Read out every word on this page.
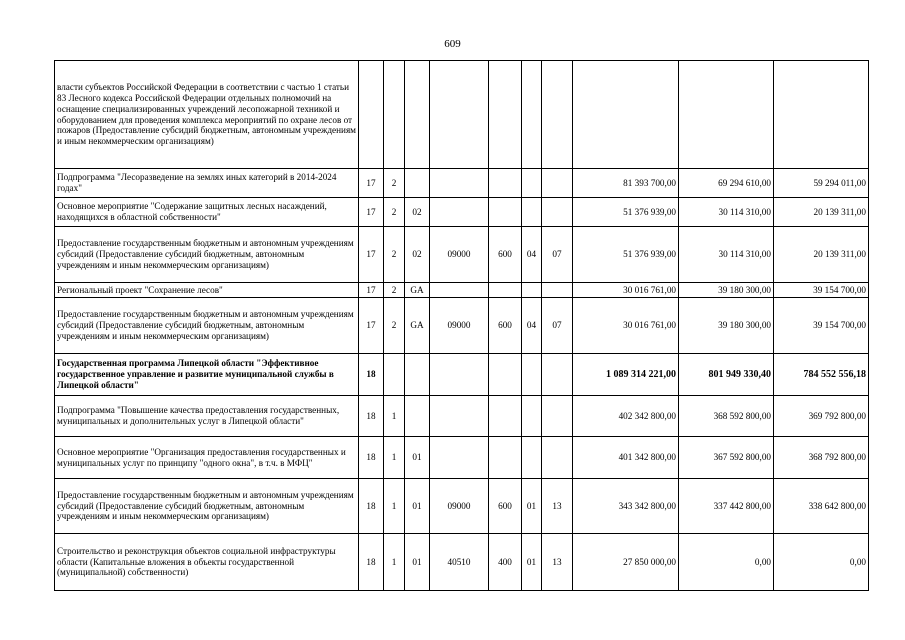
609
власти субъектов Российской Федерации в соответствии с частью 1 статьи 83 Лесного кодекса Российской Федерации отдельных полномочий на оснащение специализированных учреждений лесопожарной техникой и оборудованием для проведения комплекса мероприятий по охране лесов от пожаров (Предоставление субсидий бюджетным, автономным учреждениям и иным некоммерческим организациям)										
Подпрограмма "Лесоразведение на землях иных категорий в 2014-2024 годах"	17	2						81 393 700,00	69 294 610,00	59 294 011,00
Основное мероприятие "Содержание защитных лесных насаждений, находящихся в областной собственности"	17	2	02					51 376 939,00	30 114 310,00	20 139 311,00
Предоставление государственным бюджетным и автономным учреждениям субсидий (Предоставление субсидий бюджетным, автономным учреждениям и иным некоммерческим организациям)	17	2	02	09000	600	04	07	51 376 939,00	30 114 310,00	20 139 311,00
Региональный проект "Сохранение лесов"	17	2	GA					30 016 761,00	39 180 300,00	39 154 700,00
Предоставление государственным бюджетным и автономным учреждениям субсидий (Предоставление субсидий бюджетным, автономным учреждениям и иным некоммерческим организациям)	17	2	GA	09000	600	04	07	30 016 761,00	39 180 300,00	39 154 700,00
Государственная программа Липецкой области "Эффективное государственное управление и развитие муниципальной службы в Липецкой области"	18							1 089 314 221,00	801 949 330,40	784 552 556,18
Подпрограмма "Повышение качества предоставления государственных, муниципальных и дополнительных услуг в Липецкой области"	18	1						402 342 800,00	368 592 800,00	369 792 800,00
Основное мероприятие "Организация предоставления государственных и муниципальных услуг по принципу "одного окна", в т.ч. в МФЦ"	18	1	01					401 342 800,00	367 592 800,00	368 792 800,00
Предоставление государственным бюджетным и автономным учреждениям субсидий (Предоставление субсидий бюджетным, автономным учреждениям и иным некоммерческим организациям)	18	1	01	09000	600	01	13	343 342 800,00	337 442 800,00	338 642 800,00
Строительство и реконструкция объектов социальной инфраструктуры области (Капитальные вложения в объекты государственной (муниципальной) собственности)	18	1	01	40510	400	01	13	27 850 000,00	0,00	0,00
